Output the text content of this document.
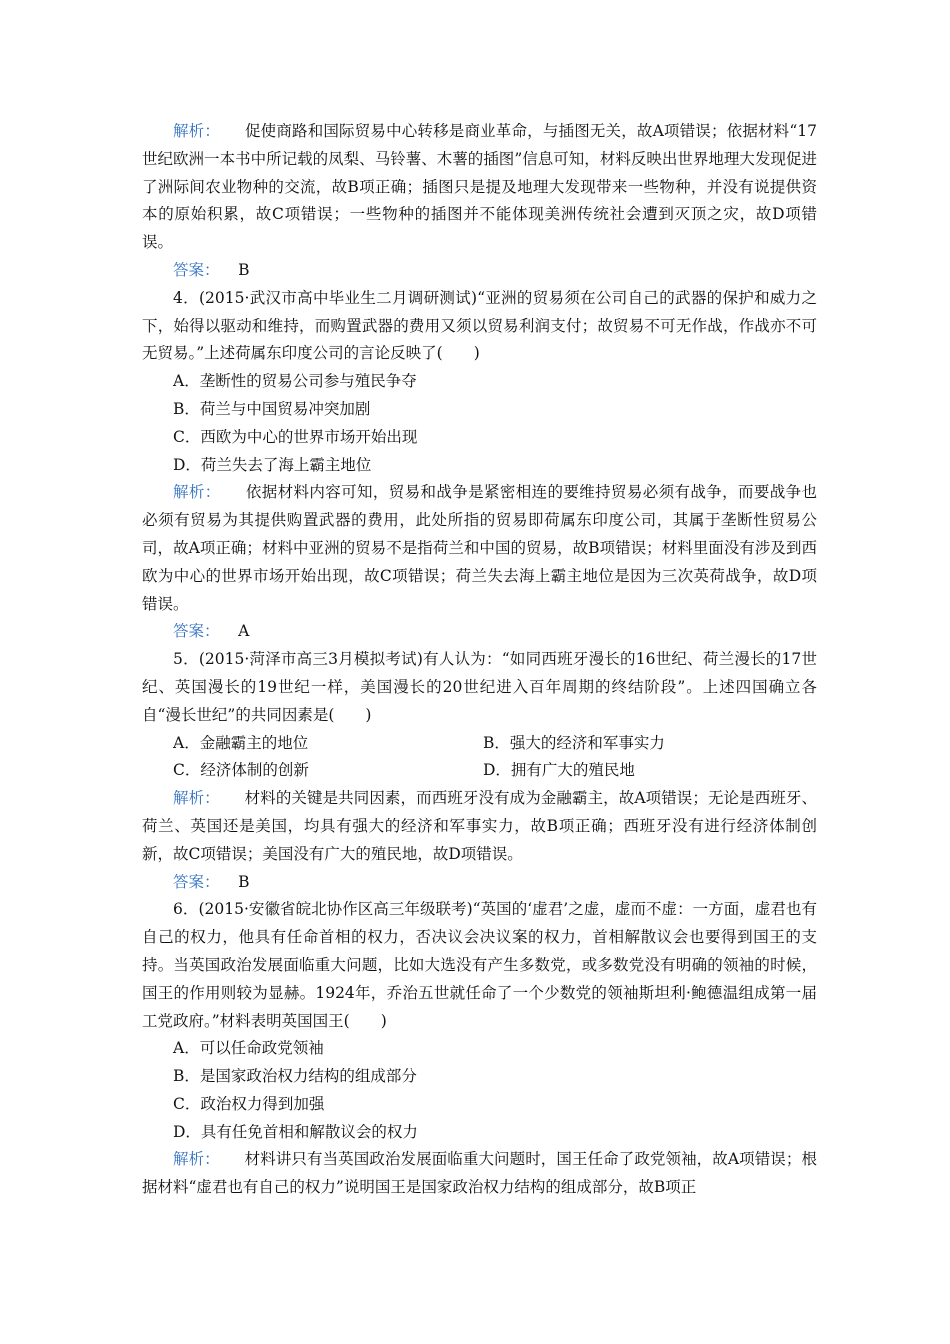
解析： 促使商路和国际贸易中心转移是商业革命，与插图无关，故A项错误；依据材料“17世纪欧洲一本书中所记载的凤梨、马铃薯、木薯的插图”信息可知，材料反映出世界地理大发现促进了洲际间农业物种的交流，故B项正确；插图只是提及地理大发现带来一些物种，并没有说提供资本的原始积累，故C项错误；一些物种的插图并不能体现美洲传统社会遭到灭顶之灾，故D项错误。

答案： B

4．(2015·武汉市高中毕业生二月调研测试)“亚洲的贸易须在公司自己的武器的保护和威力之下，始得以驱动和维持，而购置武器的费用又须以贸易利润支付；故贸易不可无作战，作战亦不可无贸易。”上述荷属东印度公司的言论反映了(　　)

A．垄断性的贸易公司参与殖民争夺

B．荷兰与中国贸易冲突加剧

C．西欧为中心的世界市场开始出现

D．荷兰失去了海上霸主地位

解析： 依据材料内容可知，贸易和战争是紧密相连的要维持贸易必须有战争，而要战争也必须有贸易为其提供购置武器的费用，此处所指的贸易即荷属东印度公司，其属于垄断性贸易公司，故A项正确；材料中亚洲的贸易不是指荷兰和中国的贸易，故B项错误；材料里面没有涉及到西欧为中心的世界市场开始出现，故C项错误；荷兰失去海上霸主地位是因为三次英荷战争，故D项错误。

答案： A

5．(2015·菏泽市高三3月模拟考试)有人认为：“如同西班牙漫长的16世纪、荷兰漫长的17世纪、英国漫长的19世纪一样，美国漫长的20世纪进入百年周期的终结阶段”。上述四国确立各自“漫长世纪”的共同因素是(　　)

A．金融霸主的地位	B．强大的经济和军事实力
C．经济体制的创新	D．拥有广大的殖民地

解析： 材料的关键是共同因素，而西班牙没有成为金融霸主，故A项错误；无论是西班牙、荷兰、英国还是美国，均具有强大的经济和军事实力，故B项正确；西班牙没有进行经济体制创新，故C项错误；美国没有广大的殖民地，故D项错误。

答案： B

6．(2015·安徽省皖北协作区高三年级联考)“英国的‘虚君’之虚，虚而不虚：一方面，虚君也有自己的权力，他具有任命首相的权力，否决议会决议案的权力，首相解散议会也要得到国王的支持。当英国政治发展面临重大问题，比如大选没有产生多数党，或多数党没有明确的领袖的时候，国王的作用则较为显赫。1924年，乔治五世就任命了一个少数党的领袖斯坦利·鲍德温组成第一届工党政府。”材料表明英国国王(　　)

A．可以任命政党领袖

B．是国家政治权力结构的组成部分

C．政治权力得到加强

D．具有任免首相和解散议会的权力

解析： 材料讲只有当英国政治发展面临重大问题时，国王任命了政党领袖，故A项错误；根据材料“虚君也有自己的权力”说明国王是国家政治权力结构的组成部分，故B项正
